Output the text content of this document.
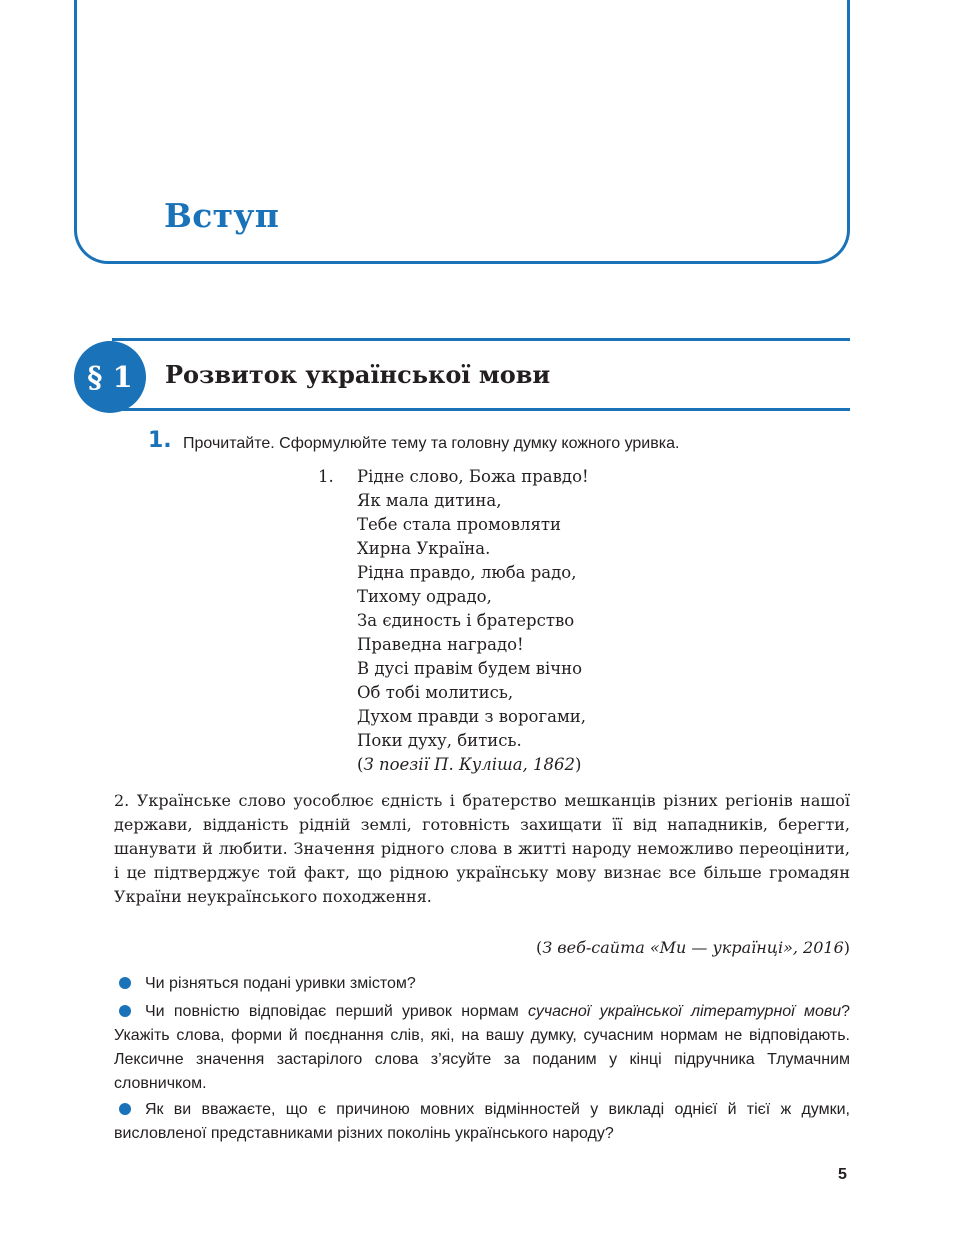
Вступ
§ 1	Розвиток української мови
1. Прочитайте. Сформулюйте тему та головну думку кожного уривка.
1. Рідне слово, Божа правдо!
Як мала дитина,
Тебе стала промовляти
Хирна Україна.
Рідна правдо, люба радо,
Тихому одрадо,
За єдиность і братерство
Праведна наградо!
В дусі правім будем вічно
Об тобі молитись,
Духом правди з ворогами,
Поки духу, битись.
(З поезії П. Куліша, 1862)

2. Українське слово уособлює єдність і братерство мешканців різних регіонів нашої держави, відданість рідній землі, готовність захищати її від нападників, берегти, шанувати й любити. Значення рідного слова в житті народу неможливо переоцінити, і це підтверджує той факт, що рідною українську мову визнає все більше громадян України неукраїнського походження.

(З веб-сайта «Ми — українці», 2016)

Чи різняться подані уривки змістом?

Чи повністю відповідає перший уривок нормам сучасної української літературної мови? Укажіть слова, форми й поєднання слів, які, на вашу думку, сучасним нормам не відповідають. Лексичне значення застарілого слова з’ясуйте за поданим у кінці підручника Тлумачним словничком.

Як ви вважаєте, що є причиною мовних відмінностей у викладі однієї й тієї ж думки, висловленої представниками різних поколінь українського народу?

5
